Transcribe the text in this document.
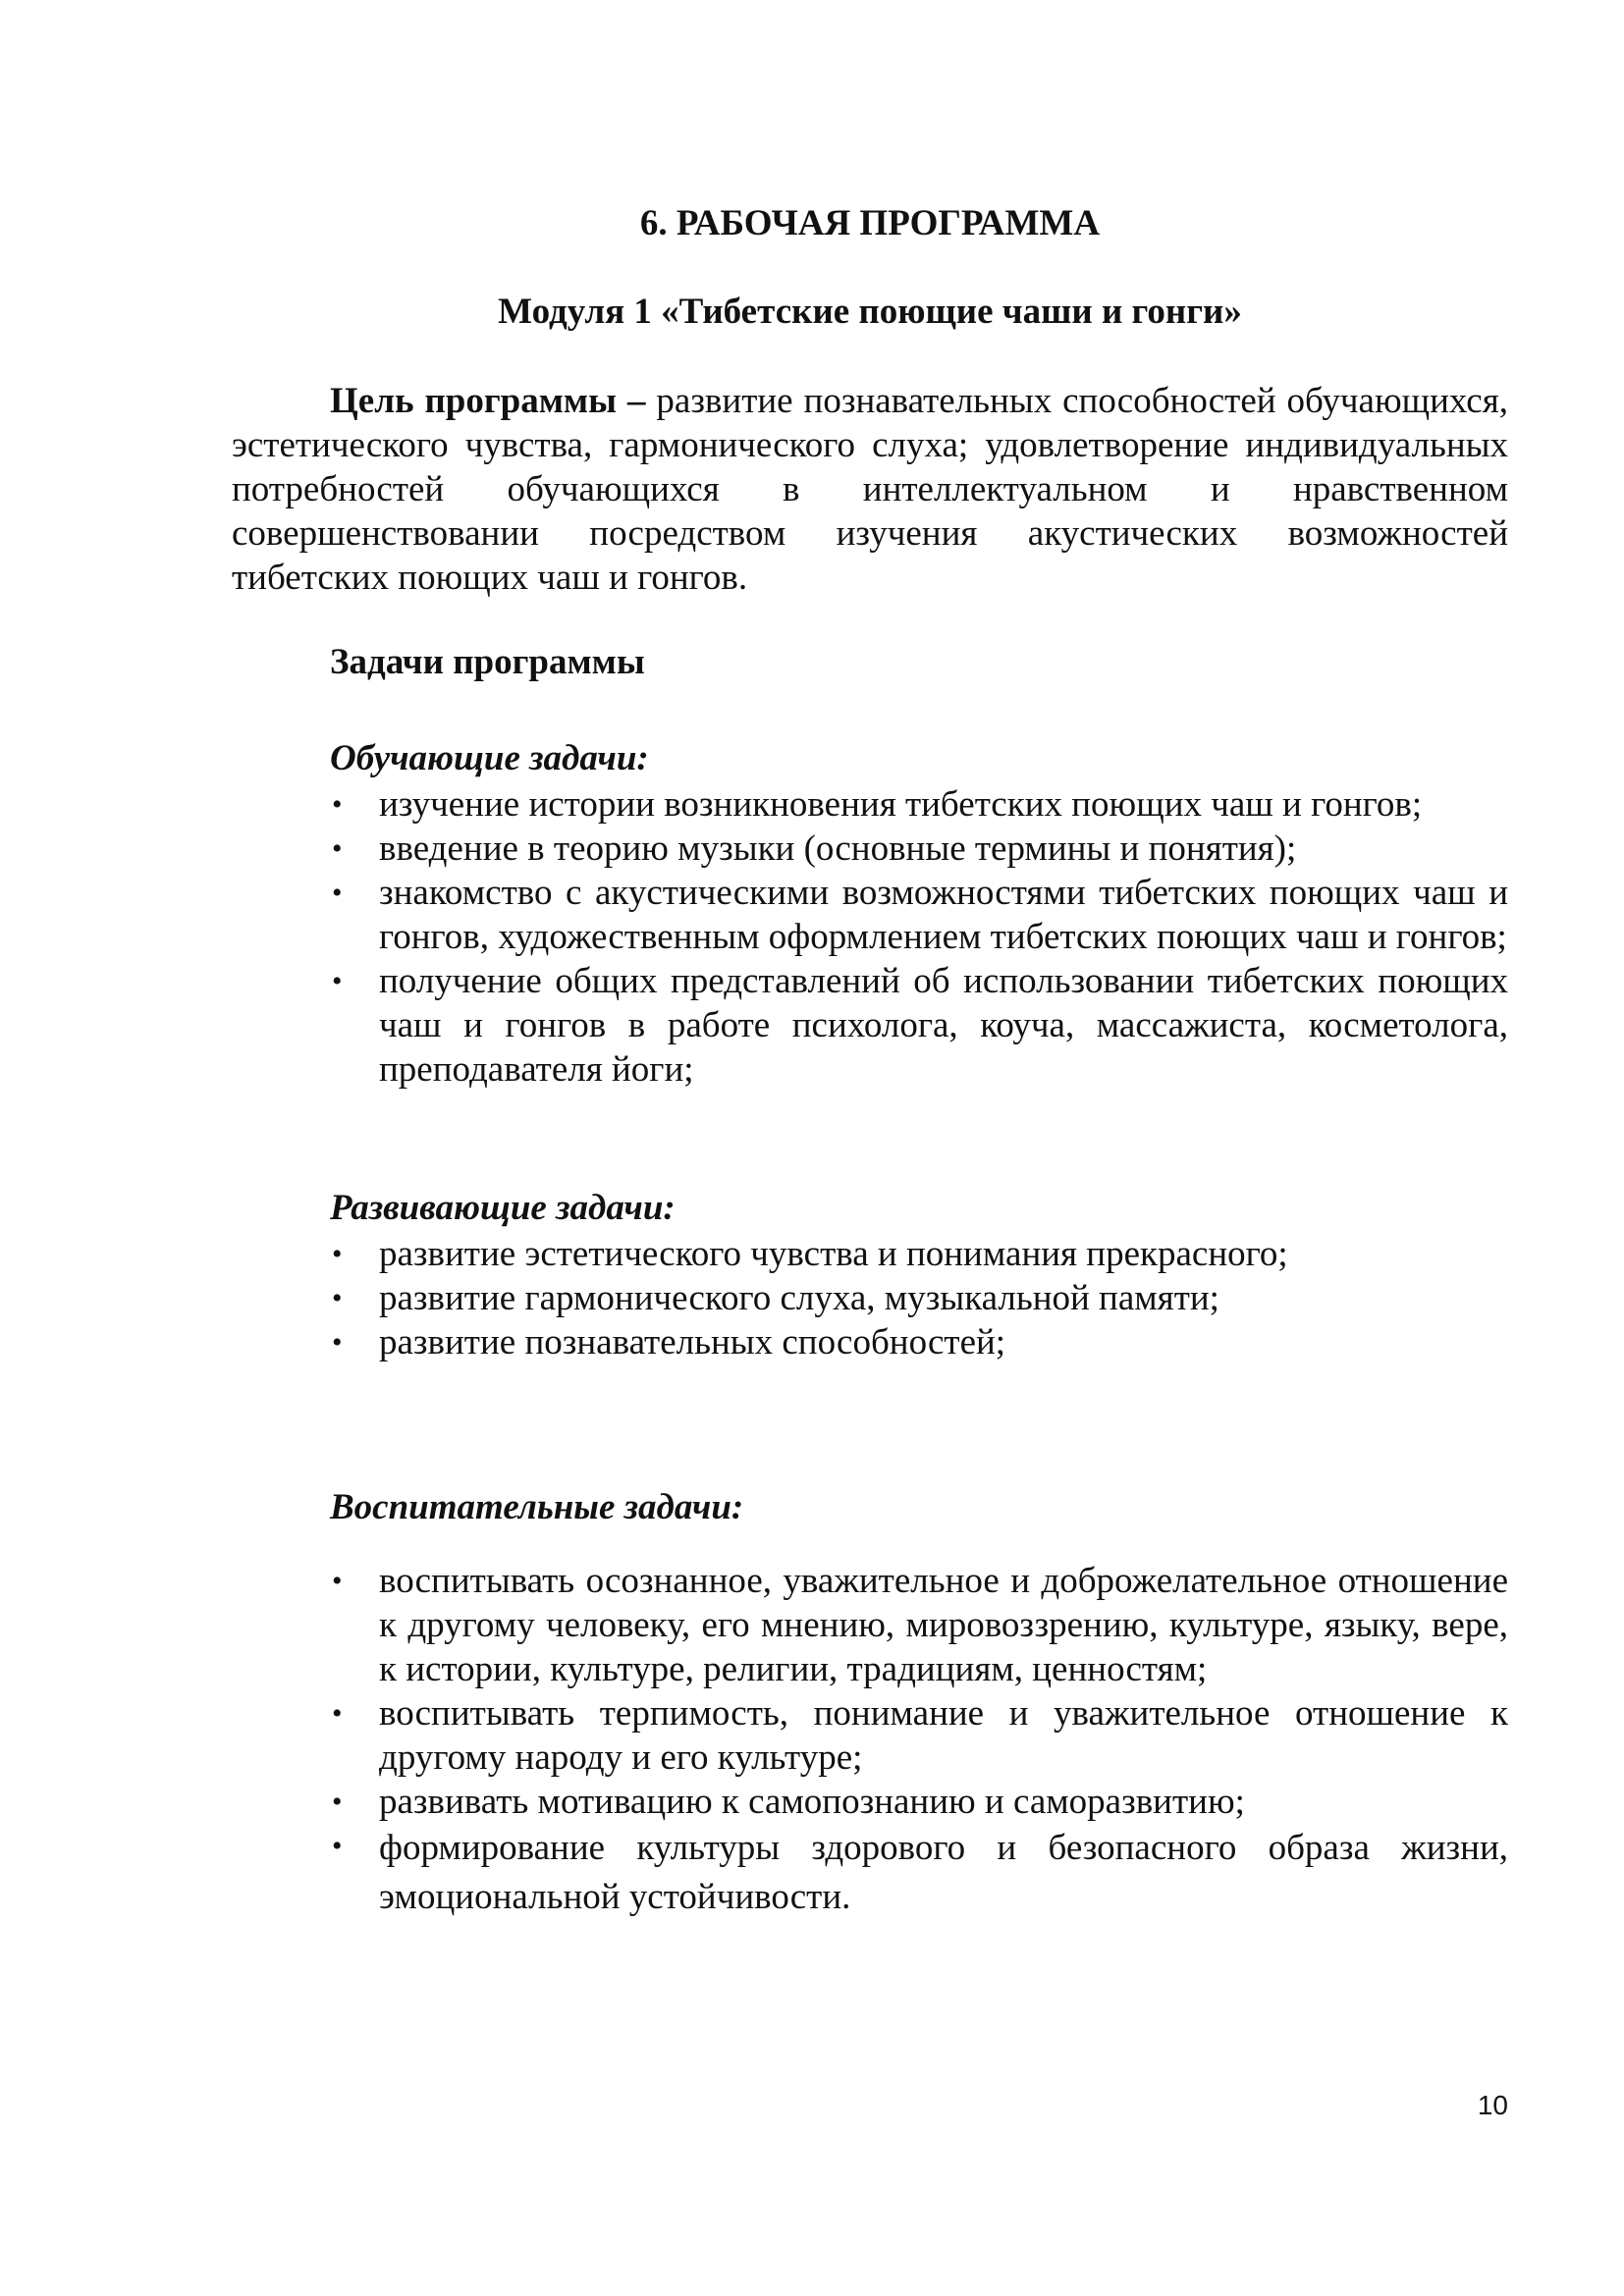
6. РАБОЧАЯ ПРОГРАММА
Модуля 1 «Тибетские поющие чаши и гонги»

Цель программы – развитие познавательных способностей обучающихся, эстетического чувства, гармонического слуха; удовлетворение индивидуальных потребностей обучающихся в интеллектуальном и нравственном совершенствовании посредством изучения акустических возможностей тибетских поющих чаш и гонгов.

Задачи программы
Обучающие задачи:
• изучение истории возникновения тибетских поющих чаш и гонгов;
• введение в теорию музыки (основные термины и понятия);
• знакомство с акустическими возможностями тибетских поющих чаш и гонгов, художественным оформлением тибетских поющих чаш и гонгов;
• получение общих представлений об использовании тибетских поющих чаш и гонгов в работе психолога, коуча, массажиста, косметолога, преподавателя йоги;
Развивающие задачи:
• развитие эстетического чувства и понимания прекрасного;
• развитие гармонического слуха, музыкальной памяти;
• развитие познавательных способностей;
Воспитательные задачи:
• воспитывать осознанное, уважительное и доброжелательное отношение к другому человеку, его мнению, мировоззрению, культуре, языку, вере, к истории, культуре, религии, традициям, ценностям;
• воспитывать терпимость, понимание и уважительное отношение к другому народу и его культуре;
• развивать мотивацию к самопознанию и саморазвитию;
• формирование культуры здорового и безопасного образа жизни, эмоциональной устойчивости.
10
